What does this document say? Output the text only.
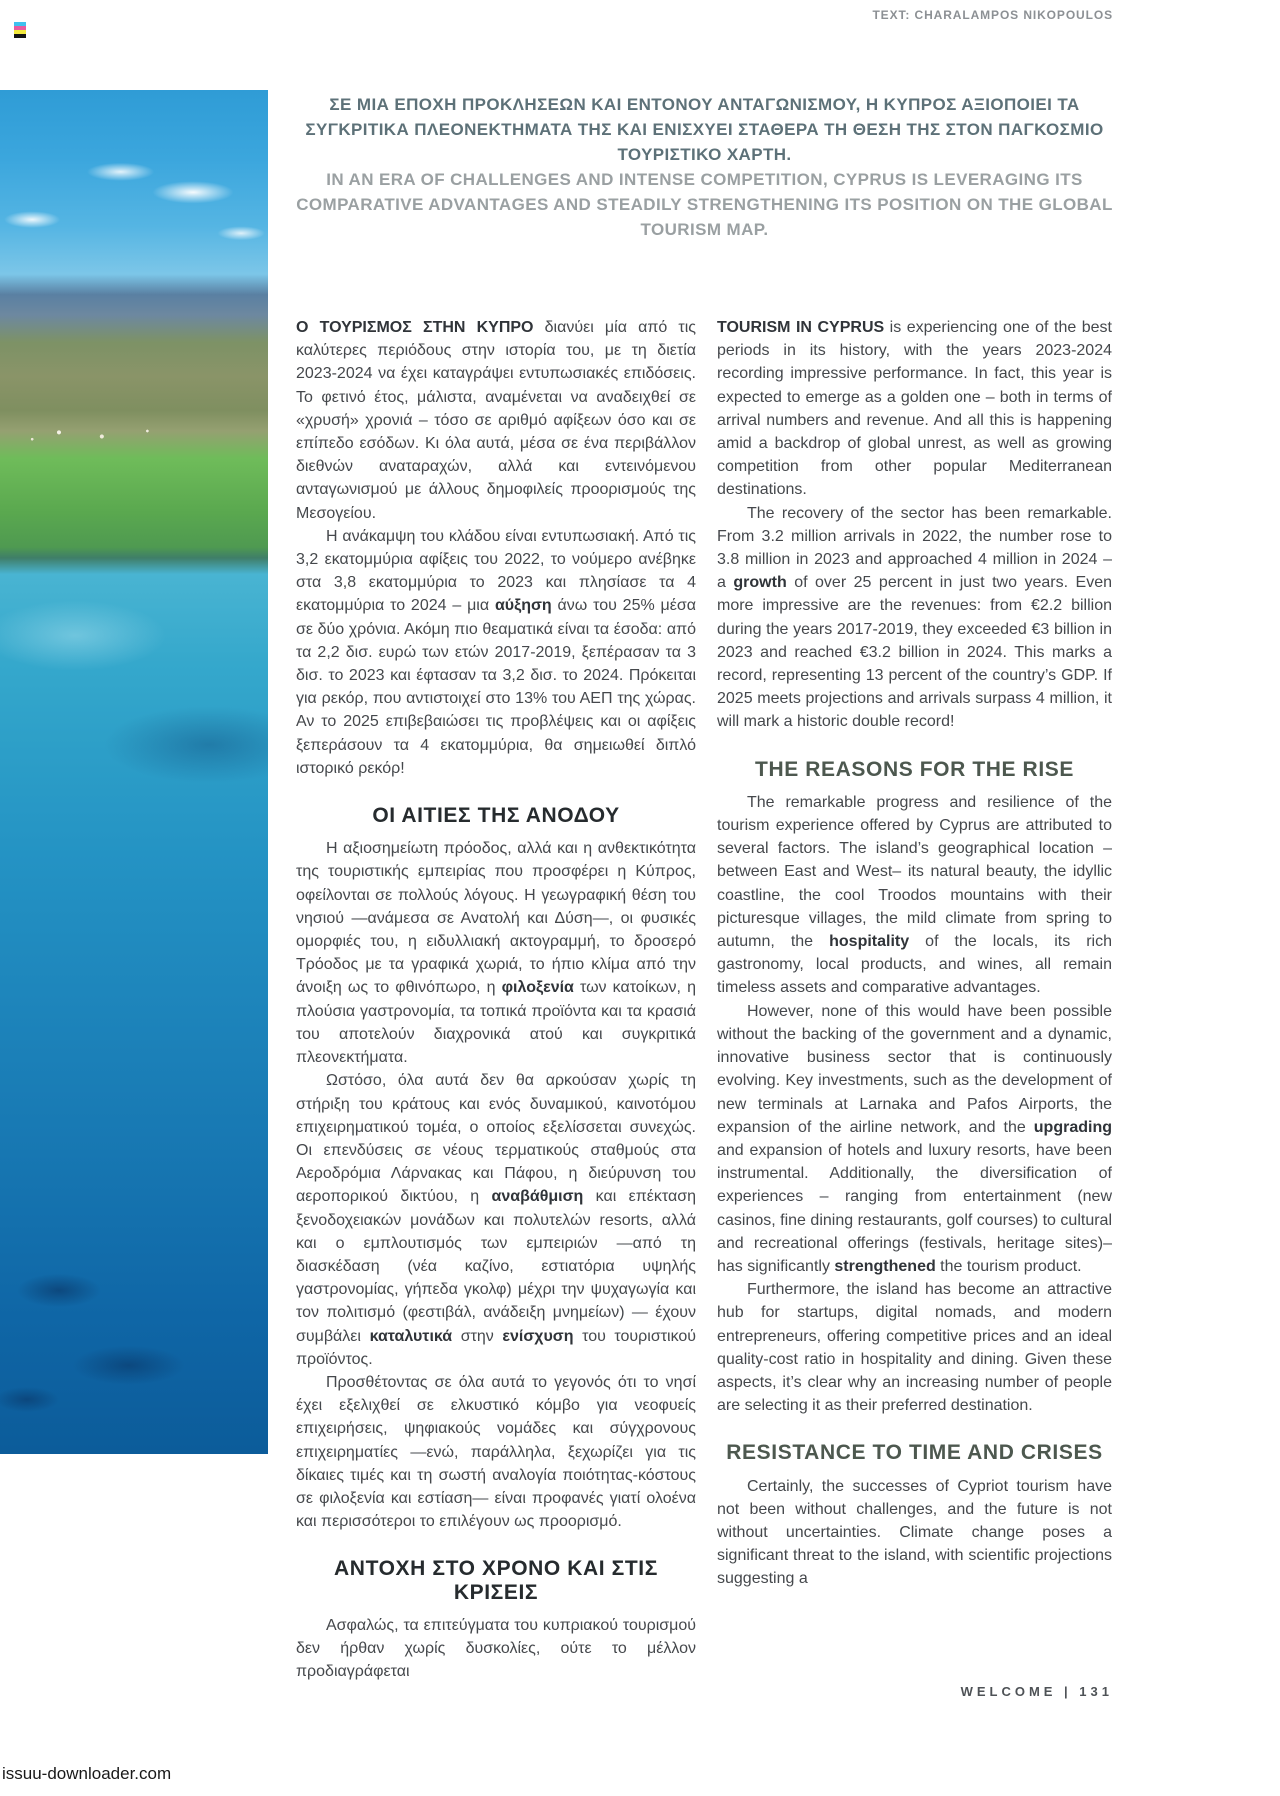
TEXT: CHARALAMPOS NIKOPOULOS

ΣΕ ΜΙΑ ΕΠΟΧΗ ΠΡΟΚΛΗΣΕΩΝ ΚΑΙ ΕΝΤΟΝΟΥ ΑΝΤΑΓΩΝΙΣΜΟΥ, Η ΚΥΠΡΟΣ ΑΞΙΟΠΟΙΕΙ ΤΑ ΣΥΓΚΡΙΤΙΚΑ ΠΛΕΟΝΕΚΤΗΜΑΤΑ ΤΗΣ ΚΑΙ ΕΝΙΣΧΥΕΙ ΣΤΑΘΕΡΑ ΤΗ ΘΕΣΗ ΤΗΣ ΣΤΟΝ ΠΑΓΚΟΣΜΙΟ ΤΟΥΡΙΣΤΙΚΟ ΧΑΡΤΗ.

IN AN ERA OF CHALLENGES AND INTENSE COMPETITION, CYPRUS IS LEVERAGING ITS COMPARATIVE ADVANTAGES AND STEADILY STRENGTHENING ITS POSITION ON THE GLOBAL TOURISM MAP.

Ο ΤΟΥΡΙΣΜΟΣ ΣΤΗΝ ΚΥΠΡΟ διανύει μία από τις καλύτερες περιόδους στην ιστορία του, με τη διετία 2023-2024 να έχει καταγράψει εντυπωσιακές επιδόσεις. Το φετινό έτος, μάλιστα, αναμένεται να αναδειχθεί σε «χρυσή» χρονιά – τόσο σε αριθμό αφίξεων όσο και σε επίπεδο εσόδων. Κι όλα αυτά, μέσα σε ένα περιβάλλον διεθνών αναταραχών, αλλά και εντεινόμενου ανταγωνισμού με άλλους δημοφιλείς προορισμούς της Μεσογείου.

Η ανάκαμψη του κλάδου είναι εντυπωσιακή. Από τις 3,2 εκατομμύρια αφίξεις του 2022, το νούμερο ανέβηκε στα 3,8 εκατομμύρια το 2023 και πλησίασε τα 4 εκατομμύρια το 2024 – μια αύξηση άνω του 25% μέσα σε δύο χρόνια. Ακόμη πιο θεαματικά είναι τα έσοδα: από τα 2,2 δισ. ευρώ των ετών 2017-2019, ξεπέρασαν τα 3 δισ. το 2023 και έφτασαν τα 3,2 δισ. το 2024. Πρόκειται για ρεκόρ, που αντιστοιχεί στο 13% του ΑΕΠ της χώρας. Αν το 2025 επιβεβαιώσει τις προβλέψεις και οι αφίξεις ξεπεράσουν τα 4 εκατομμύρια, θα σημειωθεί διπλό ιστορικό ρεκόρ!

ΟΙ ΑΙΤΙΕΣ ΤΗΣ ΑΝΟΔΟΥ

Η αξιοσημείωτη πρόοδος, αλλά και η ανθεκτικότητα της τουριστικής εμπειρίας που προσφέρει η Κύπρος, οφείλονται σε πολλούς λόγους. Η γεωγραφική θέση του νησιού —ανάμεσα σε Ανατολή και Δύση—, οι φυσικές ομορφιές του, η ειδυλλιακή ακτογραμμή, το δροσερό Τρόοδος με τα γραφικά χωριά, το ήπιο κλίμα από την άνοιξη ως το φθινόπωρο, η φιλοξενία των κατοίκων, η πλούσια γαστρονομία, τα τοπικά προϊόντα και τα κρασιά του αποτελούν διαχρονικά ατού και συγκριτικά πλεονεκτήματα.

Ωστόσο, όλα αυτά δεν θα αρκούσαν χωρίς τη στήριξη του κράτους και ενός δυναμικού, καινοτόμου επιχειρηματικού τομέα, ο οποίος εξελίσσεται συνεχώς. Οι επενδύσεις σε νέους τερματικούς σταθμούς στα Αεροδρόμια Λάρνακας και Πάφου, η διεύρυνση του αεροπορικού δικτύου, η αναβάθμιση και επέκταση ξενοδοχειακών μονάδων και πολυτελών resorts, αλλά και ο εμπλουτισμός των εμπειριών —από τη διασκέδαση (νέα καζίνο, εστιατόρια υψηλής γαστρονομίας, γήπεδα γκολφ) μέχρι την ψυχαγωγία και τον πολιτισμό (φεστιβάλ, ανάδειξη μνημείων) — έχουν συμβάλει καταλυτικά στην ενίσχυση του τουριστικού προϊόντος.

Προσθέτοντας σε όλα αυτά το γεγονός ότι το νησί έχει εξελιχθεί σε ελκυστικό κόμβο για νεοφυείς επιχειρήσεις, ψηφιακούς νομάδες και σύγχρονους επιχειρηματίες —ενώ, παράλληλα, ξεχωρίζει για τις δίκαιες τιμές και τη σωστή αναλογία ποιότητας-κόστους σε φιλοξενία και εστίαση— είναι προφανές γιατί ολοένα και περισσότεροι το επιλέγουν ως προορισμό.

ΑΝΤΟΧΗ ΣΤΟ ΧΡΟΝΟ ΚΑΙ ΣΤΙΣ ΚΡΙΣΕΙΣ

Ασφαλώς, τα επιτεύγματα του κυπριακού τουρισμού δεν ήρθαν χωρίς δυσκολίες, ούτε το μέλλον προδιαγράφεται

TOURISM IN CYPRUS is experiencing one of the best periods in its history, with the years 2023-2024 recording impressive performance. In fact, this year is expected to emerge as a golden one – both in terms of arrival numbers and revenue. And all this is happening amid a backdrop of global unrest, as well as growing competition from other popular Mediterranean destinations.

The recovery of the sector has been remarkable. From 3.2 million arrivals in 2022, the number rose to 3.8 million in 2023 and approached 4 million in 2024 – a growth of over 25 percent in just two years. Even more impressive are the revenues: from €2.2 billion during the years 2017-2019, they exceeded €3 billion in 2023 and reached €3.2 billion in 2024. This marks a record, representing 13 percent of the country’s GDP. If 2025 meets projections and arrivals surpass 4 million, it will mark a historic double record!

THE REASONS FOR THE RISE

The remarkable progress and resilience of the tourism experience offered by Cyprus are attributed to several factors. The island’s geographical location –between East and West– its natural beauty, the idyllic coastline, the cool Troodos mountains with their picturesque villages, the mild climate from spring to autumn, the hospitality of the locals, its rich gastronomy, local products, and wines, all remain timeless assets and comparative advantages.

However, none of this would have been possible without the backing of the government and a dynamic, innovative business sector that is continuously evolving. Key investments, such as the development of new terminals at Larnaka and Pafos Airports, the expansion of the airline network, and the upgrading and expansion of hotels and luxury resorts, have been instrumental. Additionally, the diversification of experiences – ranging from entertainment (new casinos, fine dining restaurants, golf courses) to cultural and recreational offerings (festivals, heritage sites)– has significantly strengthened the tourism product.

Furthermore, the island has become an attractive hub for startups, digital nomads, and modern entrepreneurs, offering competitive prices and an ideal quality-cost ratio in hospitality and dining. Given these aspects, it’s clear why an increasing number of people are selecting it as their preferred destination.

RESISTANCE TO TIME AND CRISES

Certainly, the successes of Cypriot tourism have not been without challenges, and the future is not without uncertainties. Climate change poses a significant threat to the island, with scientific projections suggesting a

WELCOME | 131
issuu-downloader.com
